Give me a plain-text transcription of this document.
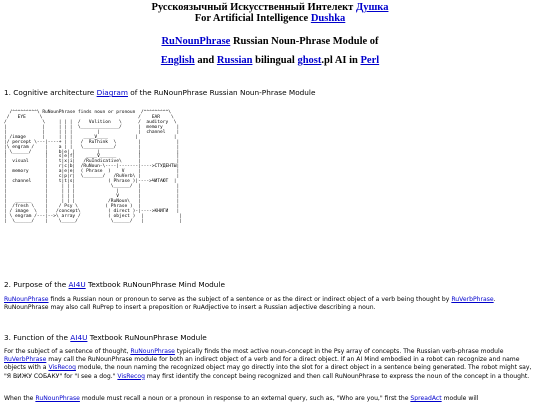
Русскоязычный Искусственный Интелект Душка
For Artificial Intelligence Dushka
RuNounPhrase Russian Noun-Phrase Module of
English and Russian bilingual ghost.pl AI in Perl
1. Cognitive architecture Diagram of the RuNounPhrase Russian Noun-Phrase Module
/^^^^^^^^^\ RuNounPhrase finds noun or pronoun  /^^^^^^^^^\
/   EYE     \                                   /    EAR    \
/             \     | | |  /   Volition   \      /  auditory  \
|             |     | | |  \______________/      |  memory     |
|             |     | | |         |              |  channel    |
| /image      |     | | |    ____V____          |             |
|/ percept \---|----+ | |   /  RuThink  \        |             |
|\ engram /    |    a | |   \___________/        |             |
| \______/     |    b|e| |        |              |             |
|              |    s|e|f|    ____V______        |             |
|  visual      |    t|x|i|   /RuIndicative\      |             |
|              |    r|c|b|  /RuNoun-\----|-------|---->СТУДЕНТЫ|
|  memory      |    a|e|e|  ( Phrase  )    V     |             |
|              |    c|p|r|  \_______/   /RuVerb\ |             |
|  channel     |    t|t|s|            ( Phrase )|---->ЧИТАЮТ  |
|              |     | | |             \______/  |             |
|              |     | | |               |       |             |
|              |     | | |               V       |             |
|   ______     |     | | |            /RuNoun\   |             |
|  /fresh \    |    / Psy \          ( Phrase )  |             |
| / image  \   |   /concept\          ( direct )-|---->КНИГИ   |
| \ engram /---|-->\ array /          ( object )  |             |
|  \______/    |    \_____/            \______/   |             |
2. Purpose of the AI4U Textbook RuNounPhrase Mind Module
RuNounPhrase finds a Russian noun or pronoun to serve as the subject of a sentence or as the direct or indirect object of a verb being thought by RuVerbPhrase. RuNounPhrase may also call RuPrep to insert a preposition or RuAdjective to insert a Russian adjective describing a noun.
3. Function of the AI4U Textbook RuNounPhrase Module
For the subject of a sentence of thought, RuNounPhrase typically finds the most active noun-concept in the Psy array of concepts. The Russian verb-phrase module RuVerbPhrase may call the RuNounPhrase module for both an indirect object of a verb and for a direct object. If an AI Mind embodied in a robot can recognize and name objects with a VisRecog module, the noun naming the recognized object may go directly into the slot for a direct object in a sentence being generated. The robot might say, "Я ВИЖУ СОБАКУ" for "I see a dog." VisRecog may first identify the concept being recognized and then call RuNounPhrase to express the noun of the concept in a thought.
When the RuNounPhrase module must recall a noun or a pronoun in response to an external query, such as, "Who are you," first the SpreadAct module will
